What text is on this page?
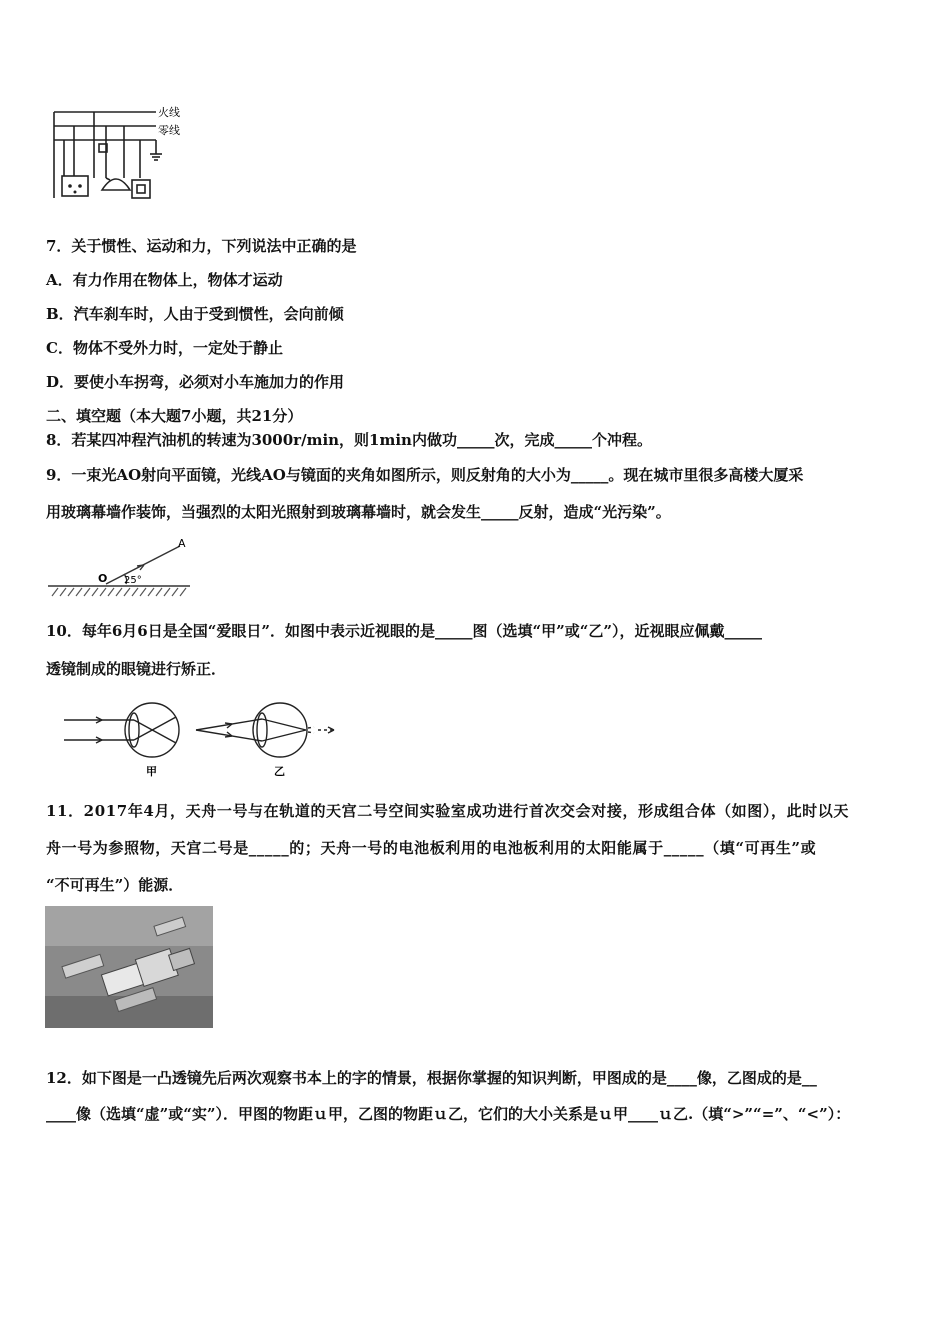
火线
零线

7．关于惯性、运动和力，下列说法中正确的是

A．有力作用在物体上，物体才运动

B．汽车刹车时，人由于受到惯性，会向前倾

C．物体不受外力时，一定处于静止

D．要使小车拐弯，必须对小车施加力的作用

二、填空题（本大题7小题，共21分）

8．若某四冲程汽油机的转速为3000r/min，则1min内做功_____次，完成_____个冲程。

9．一束光AO射向平面镜，光线AO与镜面的夹角如图所示，则反射角的大小为_____。现在城市里很多高楼大厦采

用玻璃幕墙作装饰，当强烈的太阳光照射到玻璃幕墙时，就会发生_____反射，造成“光污染”。

A
O 25°

10．每年6月6日是全国“爱眼日”．如图中表示近视眼的是_____图（选填“甲”或“乙”），近视眼应佩戴_____

透镜制成的眼镜进行矫正．

甲	乙

11．2017年4月，天舟一号与在轨道的天宫二号空间实验室成功进行首次交会对接，形成组合体（如图），此时以天

舟一号为参照物，天宫二号是_____的；天舟一号的电池板利用的电池板利用的太阳能属于_____（填“可再生”或

“不可再生”）能源．

12．如下图是一凸透镜先后两次观察书本上的字的情景，根据你掌握的知识判断，甲图成的是____像，乙图成的是__

____像（选填“虚”或“实”）．甲图的物距ｕ甲，乙图的物距ｕ乙，它们的大小关系是ｕ甲____ｕ乙.（填“>”“=”、“<”）：
